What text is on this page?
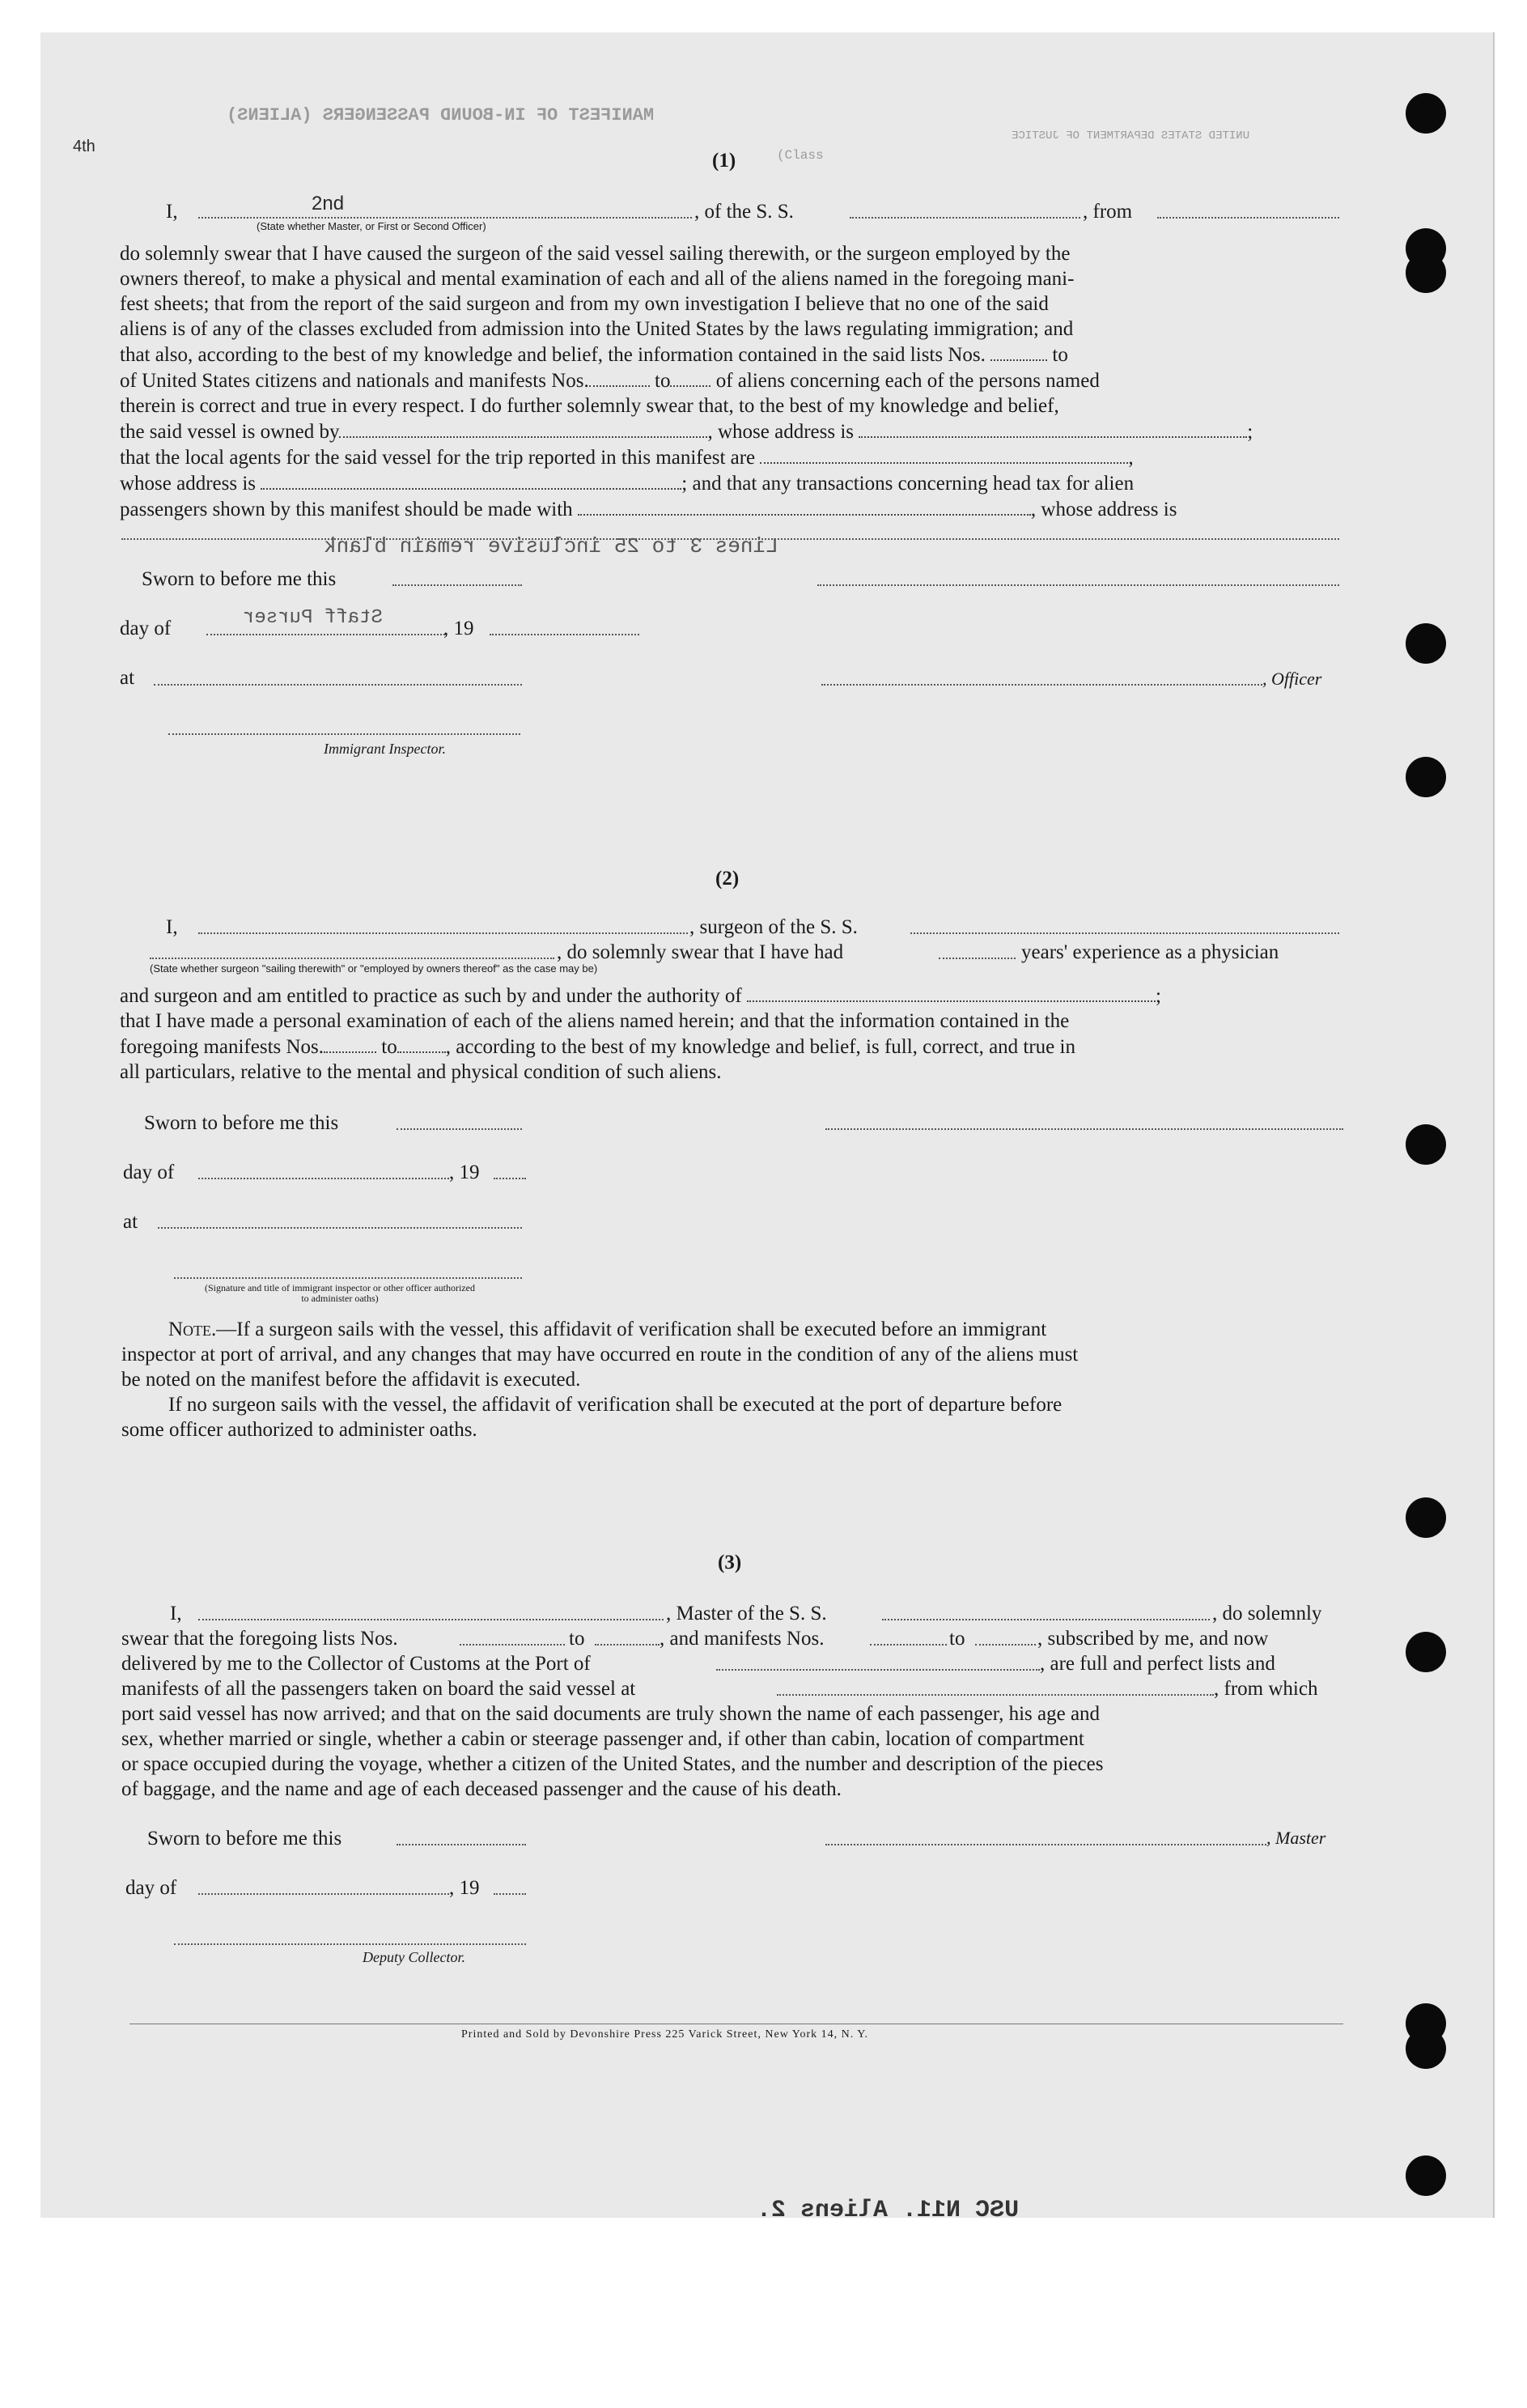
MANIFEST OF IN-BOUND PASSENGERS (ALIENS)
UNITED STATES DEPARTMENT OF JUSTICE
(Class
4th
(1)
I,	2nd	, of the S. S.	, from
(State whether Master, or First or Second Officer)

do solemnly swear that I have caused the surgeon of the said vessel sailing therewith, or the surgeon employed by the

owners thereof, to make a physical and mental examination of each and all of the aliens named in the foregoing mani-

fest sheets; that from the report of the said surgeon and from my own investigation I believe that no one of the said

aliens is of any of the classes excluded from admission into the United States by the laws regulating immigration; and

that also, according to the best of my knowledge and belief, the information contained in the said lists Nos.	to

of United States citizens and nationals and manifests Nos.	to of aliens concerning each of the persons named

therein is correct and true in every respect. I do further solemnly swear that, to the best of my knowledge and belief,

the said vessel is owned by	, whose address is	;

that the local agents for the said vessel for the trip reported in this manifest are	,

whose address is	; and that any transactions concerning head tax for alien

passengers shown by this manifest should be made with	, whose address is

Lines 3 to 25 inclusive remain blank
Sworn to before me this
day of	Staff Purser	, 19
at	, Officer
Immigrant Inspector.
(2)
I,	, surgeon of the S. S.
, do solemnly swear that I have had	years' experience as a physician
(State whether surgeon "sailing therewith" or "employed by owners thereof" as the case may be)

and surgeon and am entitled to practice as such by and under the authority of	;

that I have made a personal examination of each of the aliens named herein; and that the information contained in the

foregoing manifests Nos.	to , according to the best of my knowledge and belief, is full, correct, and true in

all particulars, relative to the mental and physical condition of such aliens.

Sworn to before me this
day of	, 19
at
(Signature and title of immigrant inspector or other officer authorized to administer oaths)

Note.—If a surgeon sails with the vessel, this affidavit of verification shall be executed before an immigrant

inspector at port of arrival, and any changes that may have occurred en route in the condition of any of the aliens must

be noted on the manifest before the affidavit is executed.

If no surgeon sails with the vessel, the affidavit of verification shall be executed at the port of departure before

some officer authorized to administer oaths.

(3)
I,	, Master of the S. S.	, do solemnly
swear that the foregoing lists Nos.	to	, and manifests Nos.	to	, subscribed by me, and now
delivered by me to the Collector of Customs at the Port of	, are full and perfect lists and
manifests of all the passengers taken on board the said vessel at	, from which

port said vessel has now arrived; and that on the said documents are truly shown the name of each passenger, his age and

sex, whether married or single, whether a cabin or steerage passenger and, if other than cabin, location of compartment

or space occupied during the voyage, whether a citizen of the United States, and the number and description of the pieces

of baggage, and the name and age of each deceased passenger and the cause of his death.

Sworn to before me this	, Master
day of	, 19
Deputy Collector.
Printed and Sold by Devonshire Press 225 Varick Street, New York 14, N. Y.
USC N11. Aliens 2.
